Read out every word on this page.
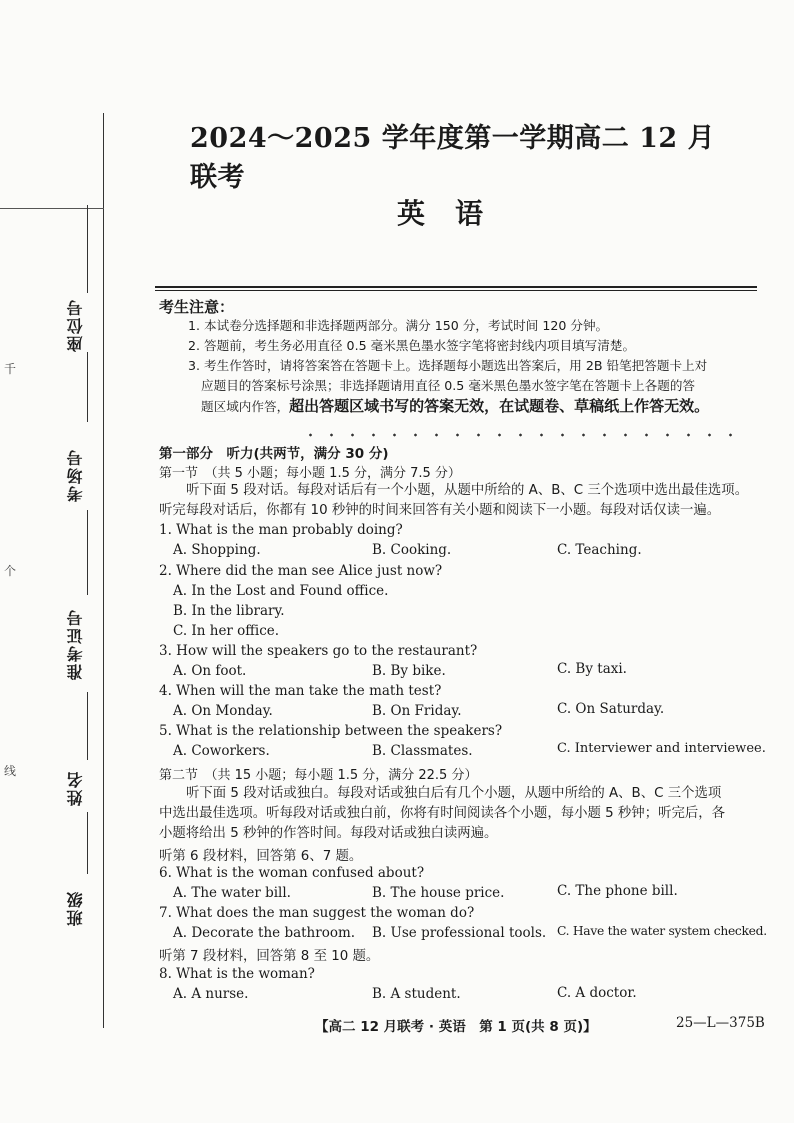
座位号
考场号
准考证号
姓名
班级
千
个
线
2024～2025 学年度第一学期高二 12 月联考
英语
考生注意：
1. 本试卷分选择题和非选择题两部分。满分 150 分，考试时间 120 分钟。
2. 答题前，考生务必用直径 0.5 毫米黑色墨水签字笔将密封线内项目填写清楚。
3. 考生作答时，请将答案答在答题卡上。选择题每小题选出答案后，用 2B 铅笔把答题卡上对
应题目的答案标号涂黑；非选择题请用直径 0.5 毫米黑色墨水签字笔在答题卡上各题的答
题区域内作答，超出答题区域书写的答案无效，在试题卷、草稿纸上作答无效。
第一部分　听力(共两节，满分 30 分)
第一节　（共 5 小题；每小题 1.5 分，满分 7.5 分）
听下面 5 段对话。每段对话后有一个小题，从题中所给的 A、B、C 三个选项中选出最佳选项。
听完每段对话后，你都有 10 秒钟的时间来回答有关小题和阅读下一小题。每段对话仅读一遍。
1. What is the man probably doing?
A. Shopping.	B. Cooking.	C. Teaching.
2. Where did the man see Alice just now?
A. In the Lost and Found office.
B. In the library.
C. In her office.
3. How will the speakers go to the restaurant?
A. On foot.	B. By bike.	C. By taxi.
4. When will the man take the math test?
A. On Monday.	B. On Friday.	C. On Saturday.
5. What is the relationship between the speakers?
A. Coworkers.	B. Classmates.	C. Interviewer and interviewee.
第二节　（共 15 小题；每小题 1.5 分，满分 22.5 分）
听下面 5 段对话或独白。每段对话或独白后有几个小题，从题中所给的 A、B、C 三个选项
中选出最佳选项。听每段对话或独白前，你将有时间阅读各个小题，每小题 5 秒钟；听完后，各
小题将给出 5 秒钟的作答时间。每段对话或独白读两遍。
听第 6 段材料，回答第 6、7 题。
6. What is the woman confused about?
A. The water bill.	B. The house price.	C. The phone bill.
7. What does the man suggest the woman do?
A. Decorate the bathroom. B. Use professional tools. C. Have the water system checked.
听第 7 段材料，回答第 8 至 10 题。
8. What is the woman?
A. A nurse.	B. A student.	C. A doctor.
【高二 12 月联考 · 英语　第 1 页(共 8 页)】	25—L—375B
